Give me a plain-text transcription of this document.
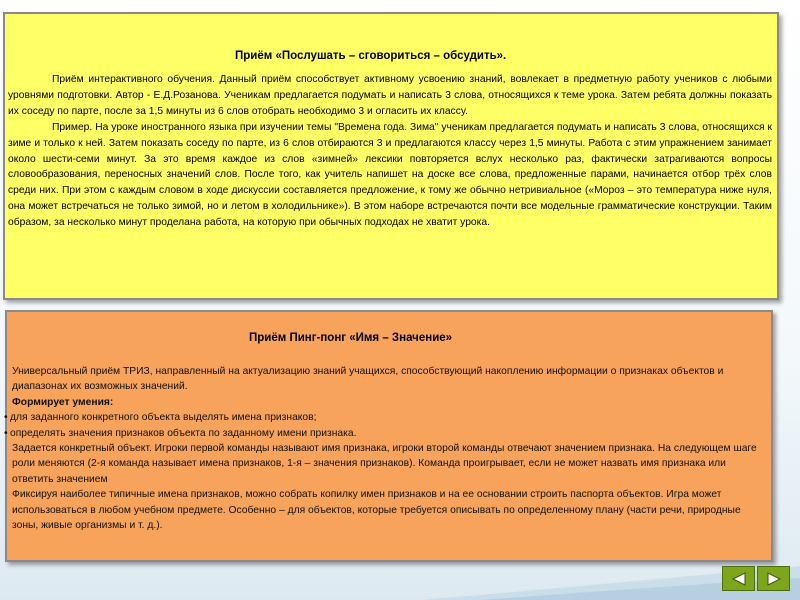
Приём «Послушать – сговориться – обсудить».

Приём интерактивного обучения. Данный приём способствует активному усвоению знаний, вовлекает в предметную работу учеников с любыми уровнями подготовки. Автор - Е.Д.Розанова. Ученикам предлагается подумать и написать 3 слова, относящихся к теме урока. Затем ребята должны показать их соседу по парте, после за 1,5 минуты из 6 слов отобрать необходимо 3 и огласить их классу.

Пример. На уроке иностранного языка при изучении темы "Времена года. Зима" ученикам предлагается подумать и написать 3 слова, относящихся к зиме и только к ней. Затем показать соседу по парте, из 6 слов отбираются 3 и предлагаются классу через 1,5 минуты. Работа с этим упражнением занимает около шести-семи минут. За это время каждое из слов «зимней» лексики повторяется вслух несколько раз, фактически затрагиваются вопросы словообразования, переносных значений слов. После того, как учитель напишет на доске все слова, предложенные парами, начинается отбор трёх слов среди них. При этом с каждым словом в ходе дискуссии составляется предложение, к тому же обычно нетривиальное («Мороз – это температура ниже нуля, она может встречаться не только зимой, но и летом в холодильнике»). В этом наборе встречаются почти все модельные грамматические конструкции. Таким образом, за несколько минут проделана работа, на которую при обычных подходах не хватит урока.

Приём Пинг-понг «Имя – Значение»

Универсальный приём ТРИЗ, направленный на актуализацию знаний учащихся, способствующий накоплению информации о признаках объектов и диапазонах их возможных значений.

Формирует умения:

• для заданного конкретного объекта выделять имена признаков;

• определять значения признаков объекта по заданному имени признака.

Задается конкретный объект. Игроки первой команды называют имя признака, игроки второй команды отвечают значением признака. На следующем шаге роли меняются (2-я команда называет имена признаков, 1-я – значения признаков). Команда проигрывает, если не может назвать имя признака или ответить значением

Фиксируя наиболее типичные имена признаков, можно собрать копилку имен признаков и на ее основании строить паспорта объектов. Игра может использоваться в любом учебном предмете. Особенно – для объектов, которые требуется описывать по определенному плану (части речи, природные зоны, живые организмы и т. д.).
